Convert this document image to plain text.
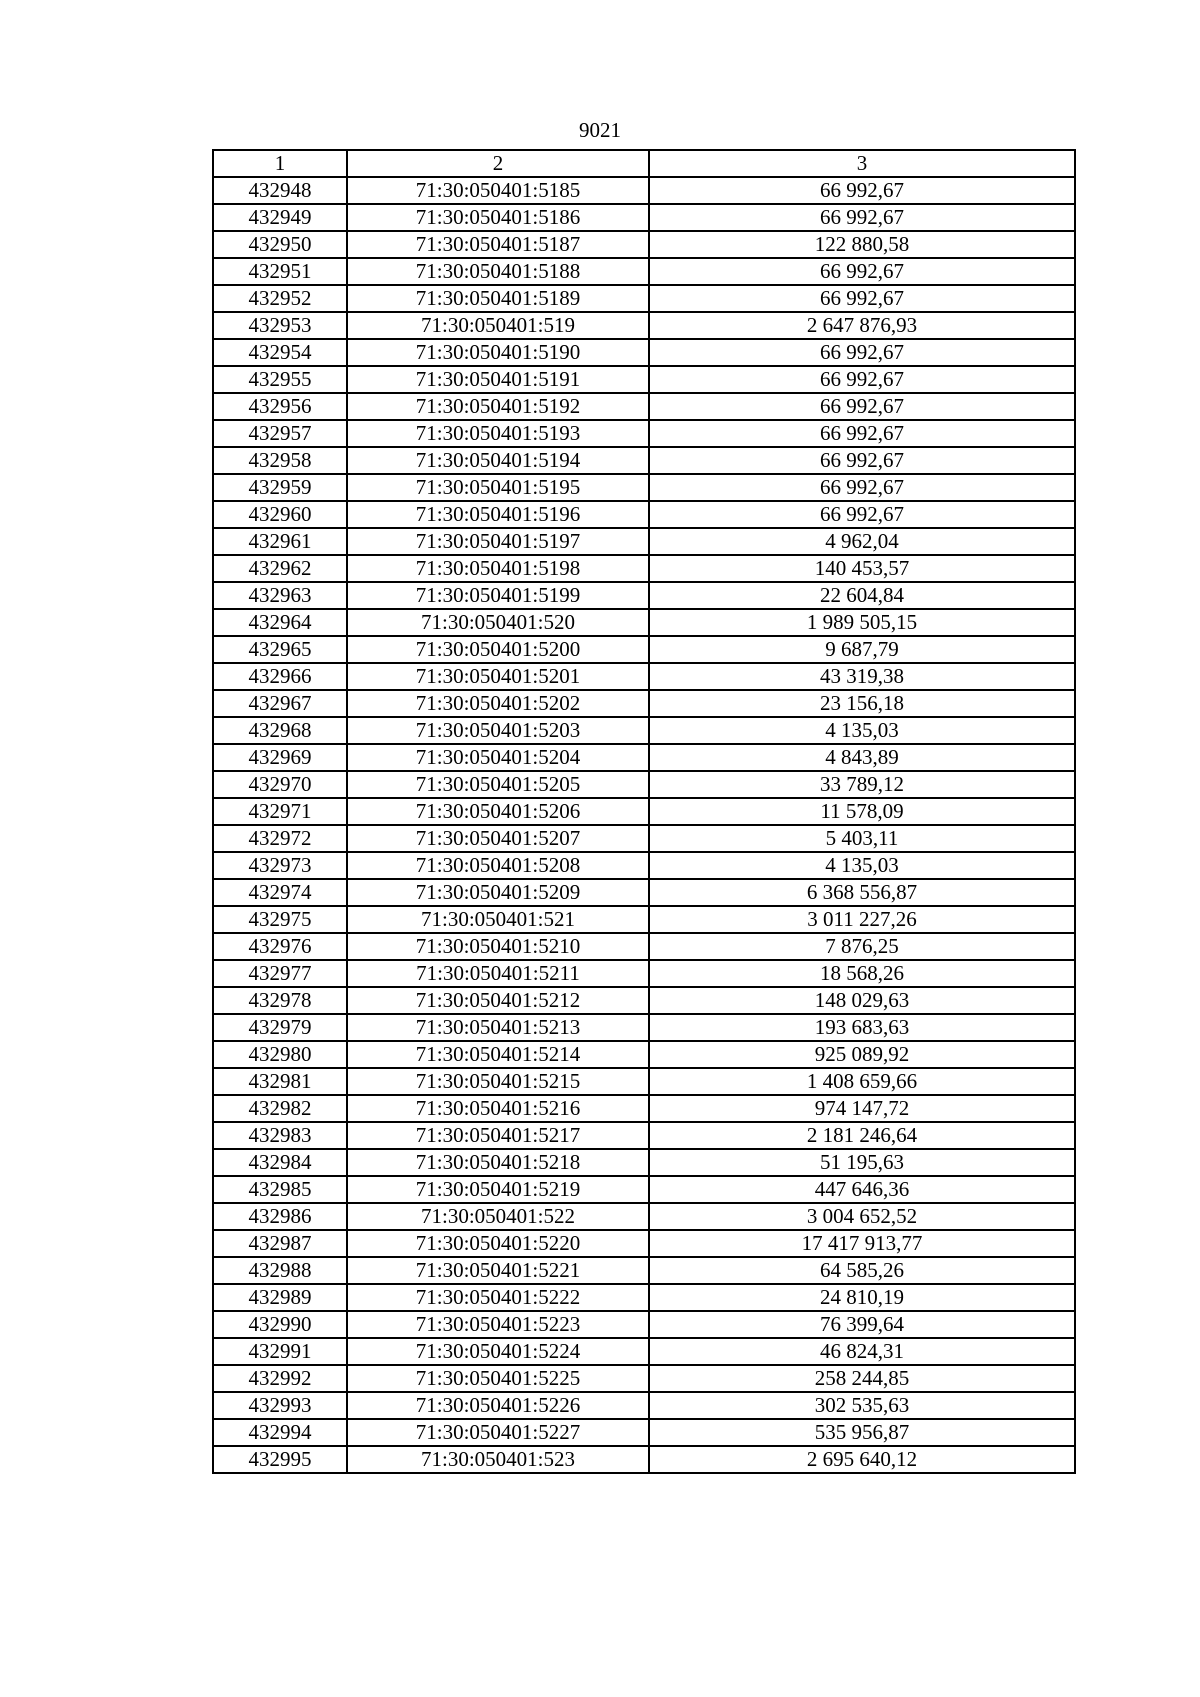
9021
1	2	3
432948	71:30:050401:5185	66 992,67
432949	71:30:050401:5186	66 992,67
432950	71:30:050401:5187	122 880,58
432951	71:30:050401:5188	66 992,67
432952	71:30:050401:5189	66 992,67
432953	71:30:050401:519	2 647 876,93
432954	71:30:050401:5190	66 992,67
432955	71:30:050401:5191	66 992,67
432956	71:30:050401:5192	66 992,67
432957	71:30:050401:5193	66 992,67
432958	71:30:050401:5194	66 992,67
432959	71:30:050401:5195	66 992,67
432960	71:30:050401:5196	66 992,67
432961	71:30:050401:5197	4 962,04
432962	71:30:050401:5198	140 453,57
432963	71:30:050401:5199	22 604,84
432964	71:30:050401:520	1 989 505,15
432965	71:30:050401:5200	9 687,79
432966	71:30:050401:5201	43 319,38
432967	71:30:050401:5202	23 156,18
432968	71:30:050401:5203	4 135,03
432969	71:30:050401:5204	4 843,89
432970	71:30:050401:5205	33 789,12
432971	71:30:050401:5206	11 578,09
432972	71:30:050401:5207	5 403,11
432973	71:30:050401:5208	4 135,03
432974	71:30:050401:5209	6 368 556,87
432975	71:30:050401:521	3 011 227,26
432976	71:30:050401:5210	7 876,25
432977	71:30:050401:5211	18 568,26
432978	71:30:050401:5212	148 029,63
432979	71:30:050401:5213	193 683,63
432980	71:30:050401:5214	925 089,92
432981	71:30:050401:5215	1 408 659,66
432982	71:30:050401:5216	974 147,72
432983	71:30:050401:5217	2 181 246,64
432984	71:30:050401:5218	51 195,63
432985	71:30:050401:5219	447 646,36
432986	71:30:050401:522	3 004 652,52
432987	71:30:050401:5220	17 417 913,77
432988	71:30:050401:5221	64 585,26
432989	71:30:050401:5222	24 810,19
432990	71:30:050401:5223	76 399,64
432991	71:30:050401:5224	46 824,31
432992	71:30:050401:5225	258 244,85
432993	71:30:050401:5226	302 535,63
432994	71:30:050401:5227	535 956,87
432995	71:30:050401:523	2 695 640,12
